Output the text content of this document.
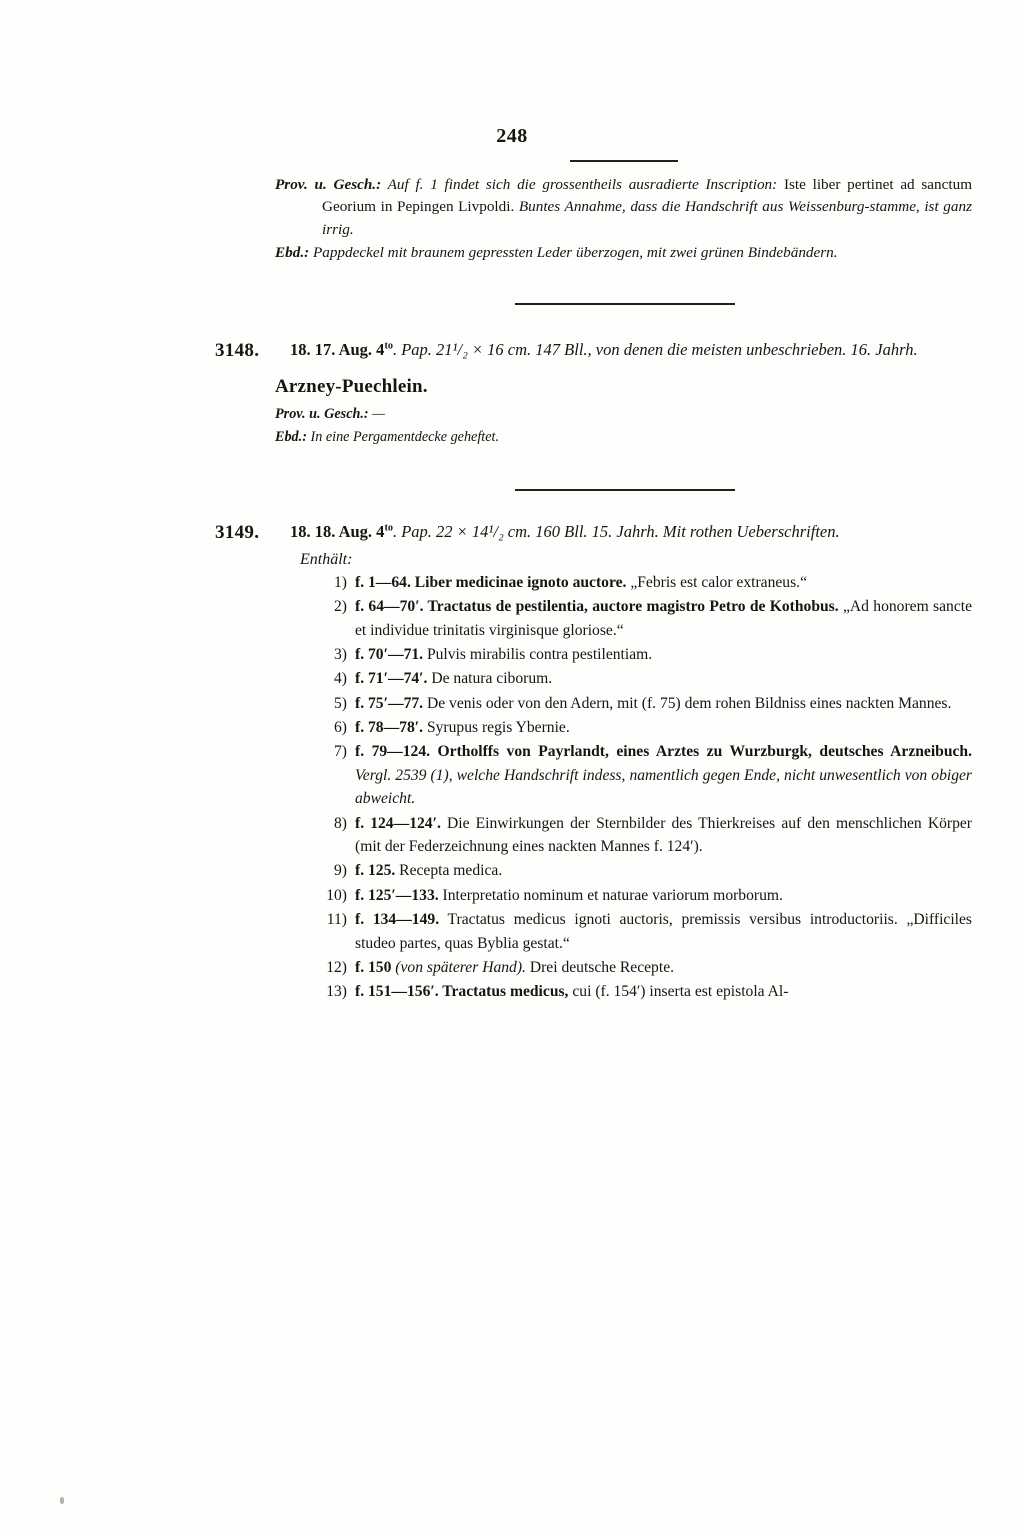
248
Prov. u. Gesch.: Auf f. 1 findet sich die grossentheils ausradierte Inscription: Iste liber pertinet ad sanctum Georium in Pepingen Livpoldi. Buntes Annahme, dass die Handschrift aus Weissenburg-stamme, ist ganz irrig.
Ebd.: Pappdeckel mit braunem gepressten Leder überzogen, mit zwei grünen Bindebändern.
3148.	18. 17. Aug. $4^{to}$. Pap. 21¹/₂ × 16 cm. 147 Bll., von denen die meisten unbeschrieben. 16. Jahrh.
Arzney-Puechlein.
Prov. u. Gesch.: —
Ebd.: In eine Pergamentdecke geheftet.
3149.	18. 18. Aug. $4^{to}$. Pap. 22 × 14¹/₂ cm. 160 Bll. 15. Jahrh. Mit rothen Ueberschriften.
Enthält:
1) f. 1—64. Liber medicinae ignoto auctore. „Febris est calor extraneus.“
2) f. 64—70′. Tractatus de pestilentia, auctore magistro Petro de Kothobus. „Ad honorem sancte et individue trinitatis virginisque gloriose.“
3) f. 70′—71. Pulvis mirabilis contra pestilentiam.
4) f. 71′—74′. De natura ciborum.
5) f. 75′—77. De venis oder von den Adern, mit (f. 75) dem rohen Bildniss eines nackten Mannes.
6) f. 78—78′. Syrupus regis Ybernie.
7) f. 79—124. Ortholffs von Payrlandt, eines Arztes zu Wurzburgk, deutsches Arzneibuch. Vergl. 2539 (1), welche Handschrift indess, namentlich gegen Ende, nicht unwesentlich von obiger abweicht.
8) f. 124—124′. Die Einwirkungen der Sternbilder des Thierkreises auf den menschlichen Körper (mit der Federzeichnung eines nackten Mannes f. 124′).
9) f. 125. Recepta medica.
10) f. 125′—133. Interpretatio nominum et naturae variorum morborum.
11) f. 134—149. Tractatus medicus ignoti auctoris, premissis versibus introductoriis. „Difficiles studeo partes, quas Byblia gestat.“
12) f. 150 (von späterer Hand). Drei deutsche Recepte.
13) f. 151—156′. Tractatus medicus, cui (f. 154′) inserta est epistola Al-
